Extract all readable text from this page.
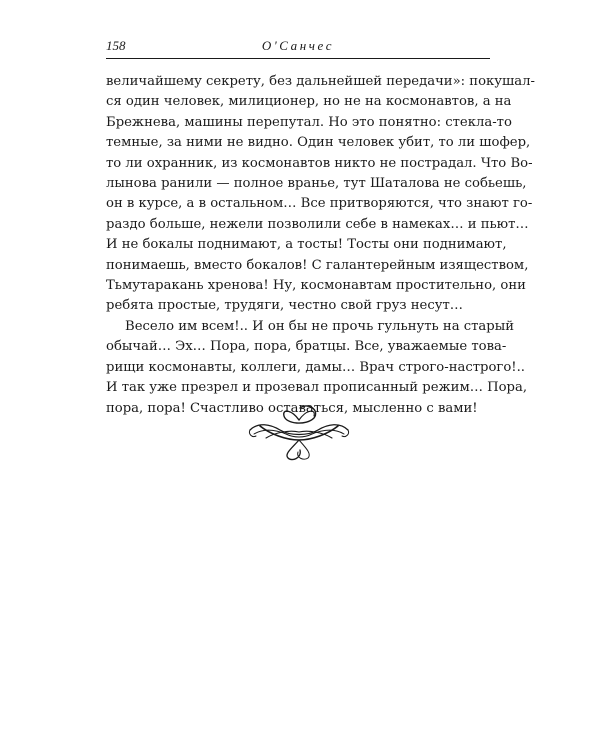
158	О'Санчес

величайшему секрету, без дальнейшей передачи»: покушал-
ся один человек, милиционер, но не на космонавтов, а на
Брежнева, машины перепутал. Но это понятно: стекла-то
темные, за ними не видно. Один человек убит, то ли шофер,
то ли охранник, из космонавтов никто не пострадал. Что Во-
лынова ранили — полное вранье, тут Шаталова не собьешь,
он в курсе, а в остальном… Все притворяются, что знают го-
раздо больше, нежели позволили себе в намеках… и пьют…
И не бокалы поднимают, а тосты! Тосты они поднимают,
понимаешь, вместо бокалов! С галантерейным изяществом,
Тьмутаракань хренова! Ну, космонавтам простительно, они
ребята простые, трудяги, честно свой груз несут…

Весело им всем!.. И он бы не прочь гульнуть на старый
обычай… Эх… Пора, пора, братцы. Все, уважаемые това-
рищи космонавты, коллеги, дамы… Врач строго-настрого!..
И так уже презрел и прозевал прописанный режим… Пора,
пора, пора! Счастливо оставаться, мысленно с вами!
